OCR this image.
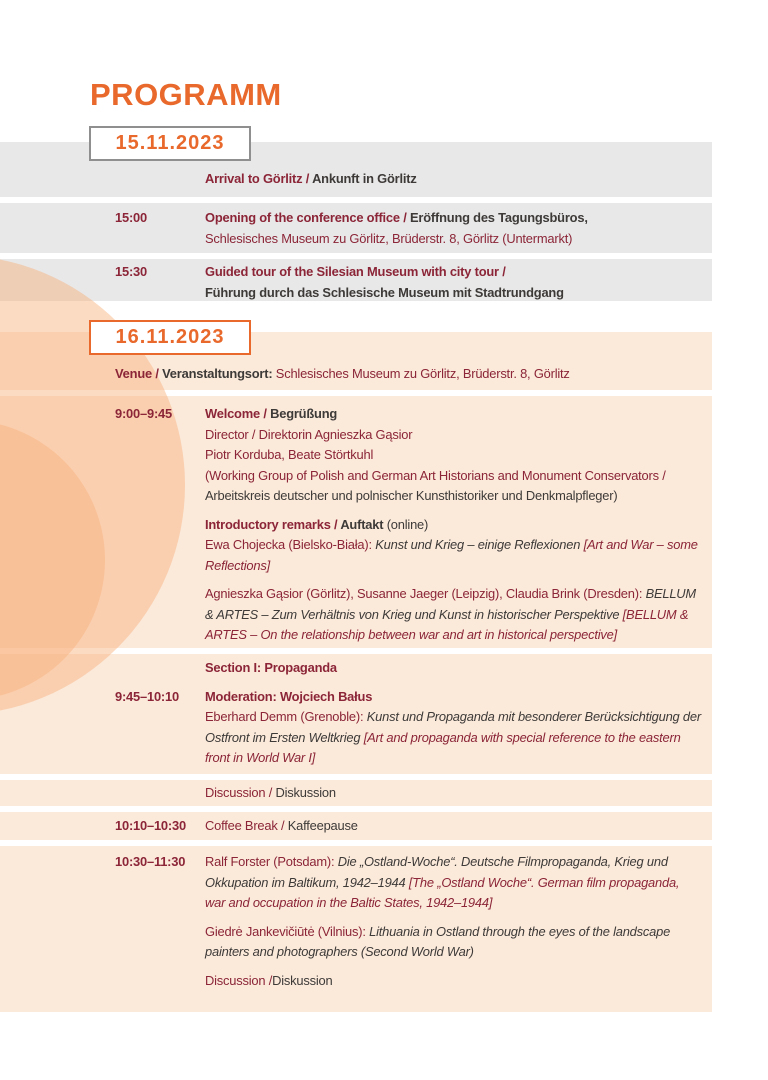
PROGRAMM

Arrival to Görlitz / Ankunft in Görlitz
15:00	Opening of the conference office / Eröffnung des Tagungsbüros,
Schlesisches Museum zu Görlitz, Brüderstr. 8, Görlitz (Untermarkt)
15:30	Guided tour of the Silesian Museum with city tour /
Führung durch das Schlesische Museum mit Stadtrundgang
Venue / Veranstaltungsort: Schlesisches Museum zu Görlitz, Brüderstr. 8, Görlitz
9:00–9:45	Welcome / Begrüßung
Director / Direktorin Agnieszka Gąsior
Piotr Korduba, Beate Störtkuhl
(Working Group of Polish and German Art Historians and Monument Conservators / Arbeitskreis deutscher und polnischer Kunsthistoriker und Denkmalpfleger)
Introductory remarks / Auftakt (online)
Ewa Chojecka (Bielsko-Biała): Kunst und Krieg – einige Reflexionen [Art and War – some Reflections]
Agnieszka Gąsior (Görlitz), Susanne Jaeger (Leipzig), Claudia Brink (Dresden): BELLUM & ARTES – Zum Verhältnis von Krieg und Kunst in historischer Perspektive [BELLUM & ARTES – On the relationship between war and art in historical perspective]

Section I: Propaganda
9:45–10:10	Moderation: Wojciech Bałus
Eberhard Demm (Grenoble): Kunst und Propaganda mit besonderer Berücksichtigung der Ostfront im Ersten Weltkrieg [Art and propaganda with special reference to the eastern front in World War I]

Discussion / Diskussion
10:10–10:30	Coffee Break / Kaffeepause
10:30–11:30	Ralf Forster (Potsdam): Die „Ostland-Woche“. Deutsche Filmpropaganda, Krieg und Okkupation im Baltikum, 1942–1944 [The „Ostland Woche“. German film propaganda, war and occupation in the Baltic States, 1942–1944]
Giedrė Jankevičiūtė (Vilnius): Lithuania in Ostland through the eyes of the landscape painters and photographers (Second World War)
Discussion /Diskussion
15.11.2023
16.11.2023
